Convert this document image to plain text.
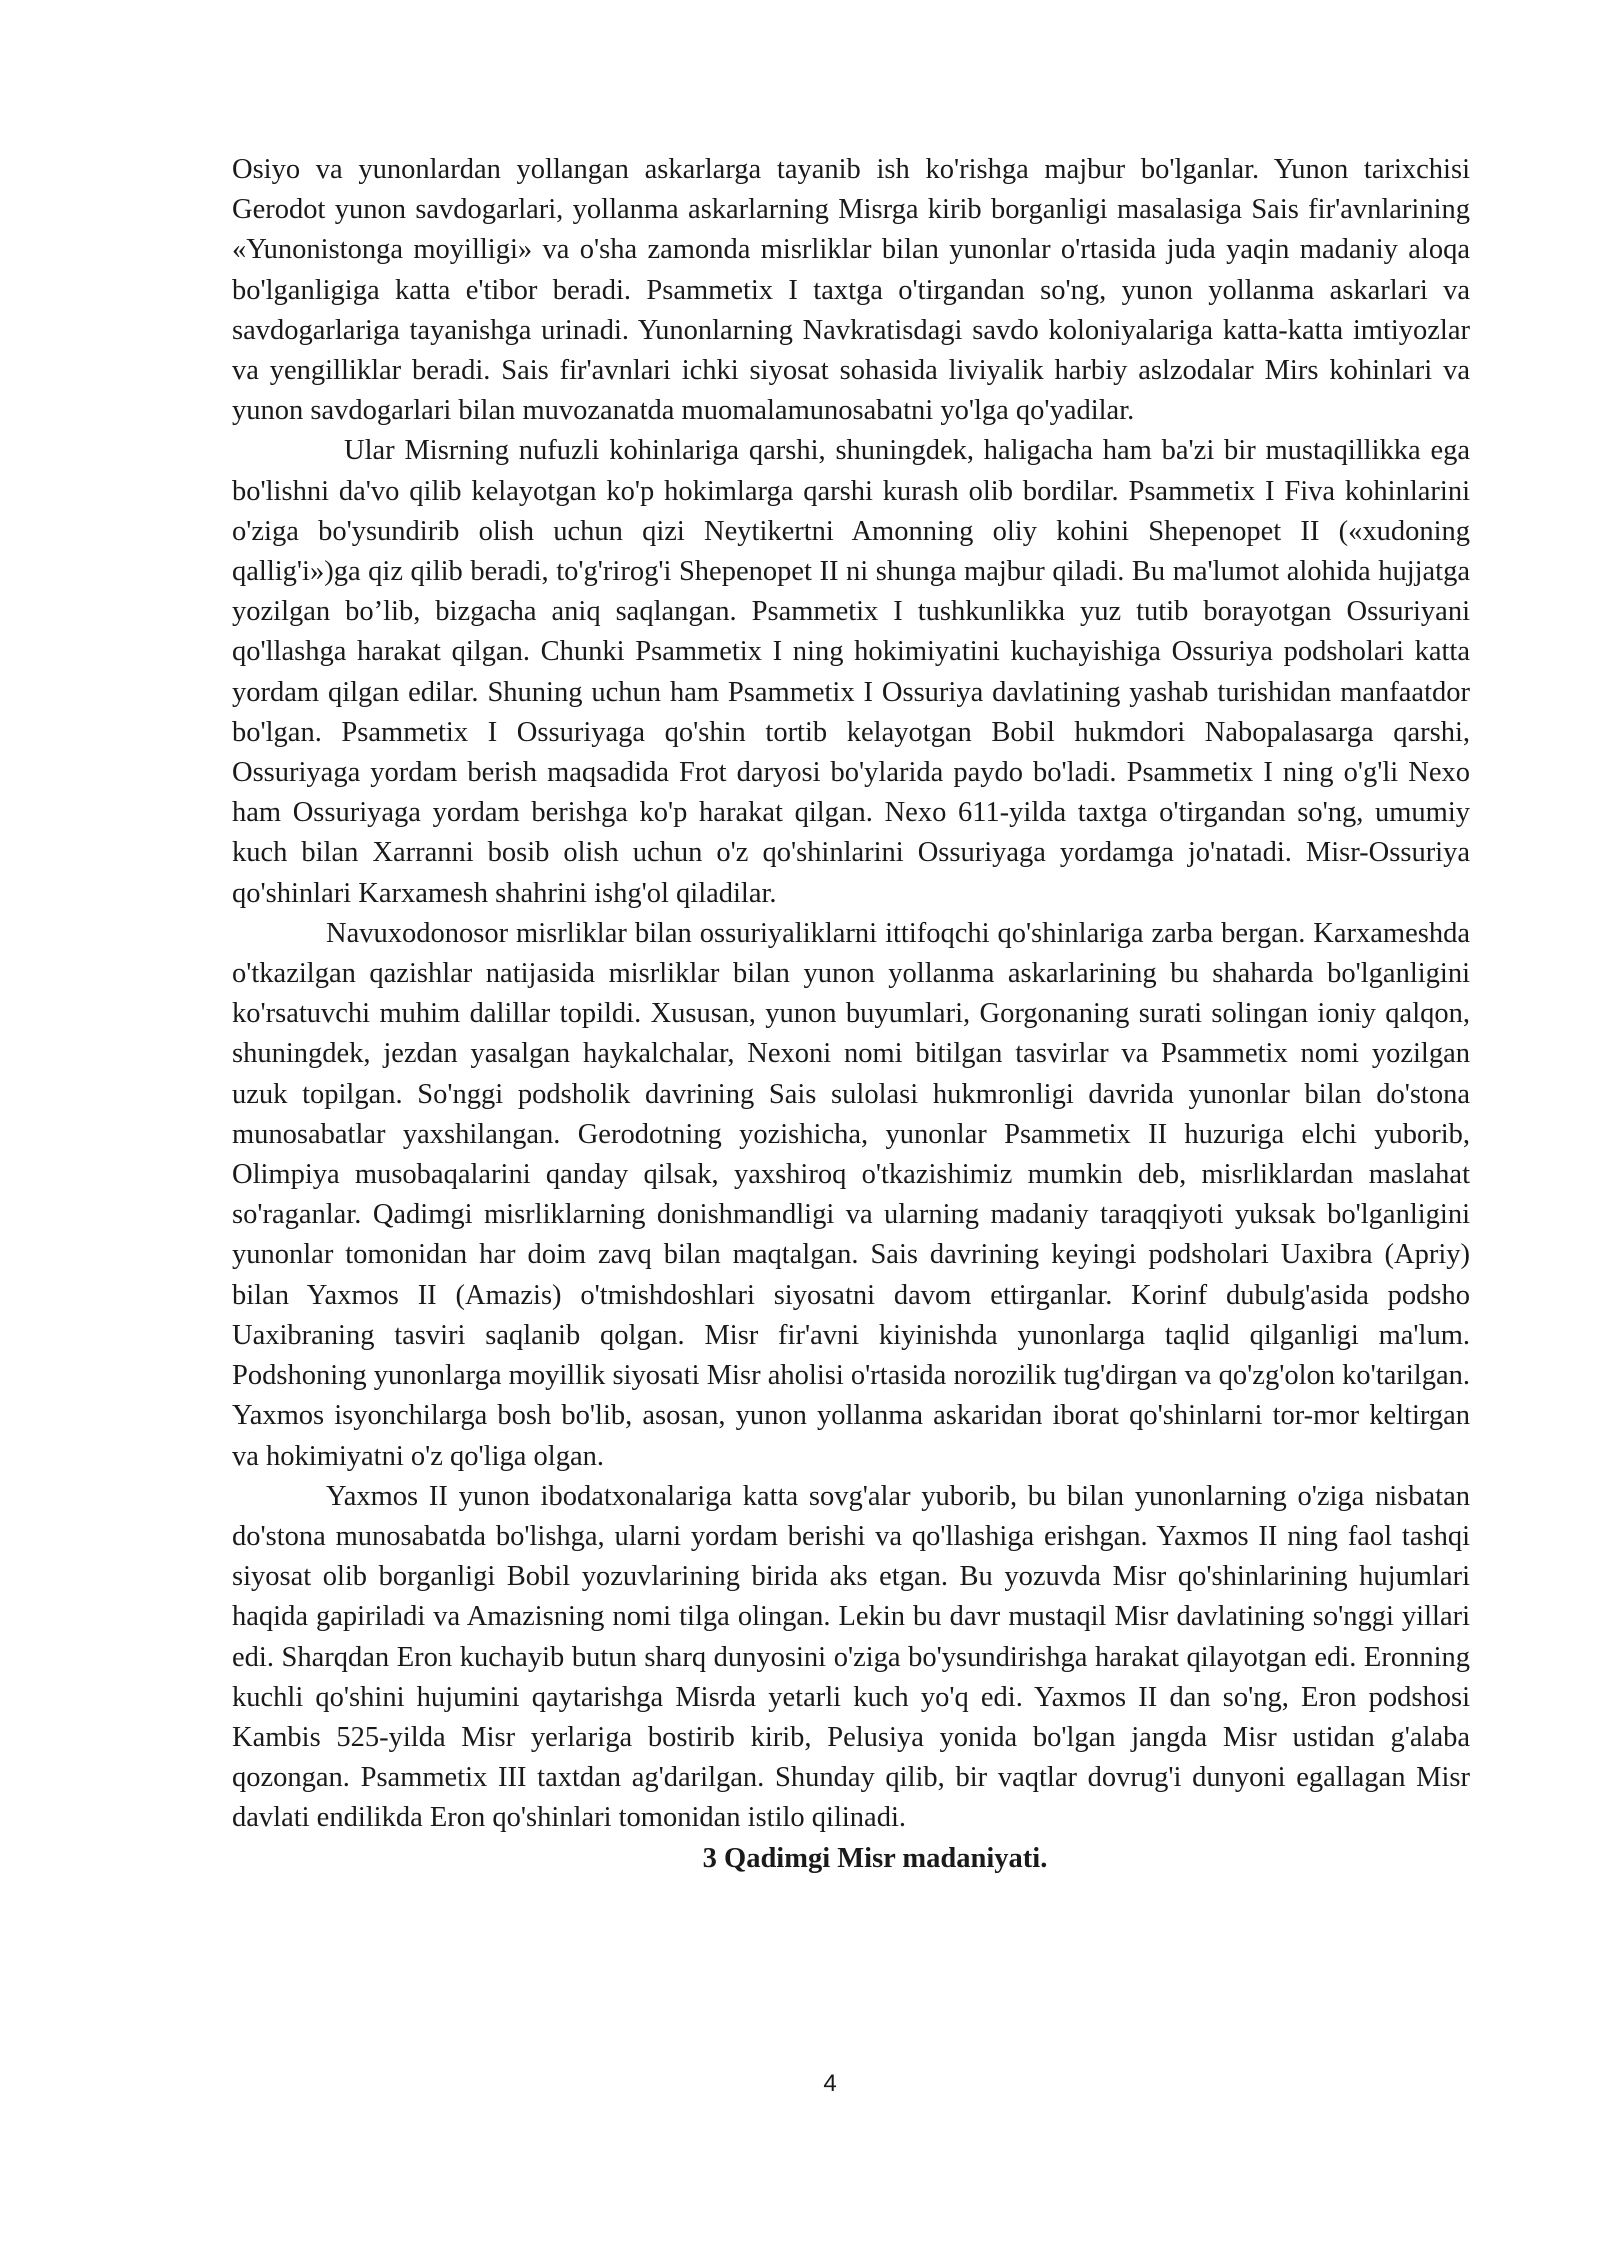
Osiyo va yunonlardan yollangan askarlarga tayanib ish ko'rishga majbur bo'lganlar. Yunon tarixchisi Gerodot yunon savdogarlari, yollanma askarlarning Misrga kirib borganligi masalasiga Sais fir'avnlarining «Yunonistonga moyilligi» va o'sha zamonda misrliklar bilan yunonlar o'rtasida juda yaqin madaniy aloqa bo'lganligiga katta e'tibor beradi. Psammetix I taxtga o'tirgandan so'ng, yunon yollanma askarlari va savdogarlariga tayanishga urinadi. Yunonlarning Navkratisdagi savdo koloniyalariga katta-katta imtiyozlar va yengilliklar beradi. Sais fir'avnlari ichki siyosat sohasida liviyalik harbiy aslzodalar Mirs kohinlari va yunon savdogarlari bilan muvozanatda muomalamunosabatni yo'lga qo'yadilar.

Ular Misrning nufuzli kohinlariga qarshi, shuningdek, haligacha ham ba'zi bir mustaqillikka ega bo'lishni da'vo qilib kelayotgan ko'p hokimlarga qarshi kurash olib bordilar. Psammetix I Fiva kohinlarini o'ziga bo'ysundirib olish uchun qizi Neytikertni Amonning oliy kohini Shepenopet II («xudoning qallig'i»)ga qiz qilib beradi, to'g'rirog'i Shepenopet II ni shunga majbur qiladi. Bu ma'lumot alohida hujjatga yozilgan bo’lib, bizgacha aniq saqlangan. Psammetix I tushkunlikka yuz tutib borayotgan Ossuriyani qo'llashga harakat qilgan. Chunki Psammetix I ning hokimiyatini kuchayishiga Ossuriya podsholari katta yordam qilgan edilar. Shuning uchun ham Psammetix I Ossuriya davlatining yashab turishidan manfaatdor bo'lgan. Psammetix I Ossuriyaga qo'shin tortib kelayotgan Bobil hukmdori Nabopalasarga qarshi, Ossuriyaga yordam berish maqsadida Frot daryosi bo'ylarida paydo bo'ladi. Psammetix I ning o'g'li Nexo ham Ossuriyaga yordam berishga ko'p harakat qilgan. Nexo 611-yilda taxtga o'tirgandan so'ng, umumiy kuch bilan Xarranni bosib olish uchun o'z qo'shinlarini Ossuriyaga yordamga jo'natadi. Misr-Ossuriya qo'shinlari Karxamesh shahrini ishg'ol qiladilar.

Navuxodonosor misrliklar bilan ossuriyaliklarni ittifoqchi qo'shinlariga zarba bergan. Karxameshda o'tkazilgan qazishlar natijasida misrliklar bilan yunon yollanma askarlarining bu shaharda bo'lganligini ko'rsatuvchi muhim dalillar topildi. Xususan, yunon buyumlari, Gorgonaning surati solingan ioniy qalqon, shuningdek, jezdan yasalgan haykalchalar, Nexoni nomi bitilgan tasvirlar va Psammetix nomi yozilgan uzuk topilgan. So'nggi podsholik davrining Sais sulolasi hukmronligi davrida yunonlar bilan do'stona munosabatlar yaxshilangan. Gerodotning yozishicha, yunonlar Psammetix II huzuriga elchi yuborib, Olimpiya musobaqalarini qanday qilsak, yaxshiroq o'tkazishimiz mumkin deb, misrliklardan maslahat so'raganlar. Qadimgi misrliklarning donishmandligi va ularning madaniy taraqqiyoti yuksak bo'lganligini yunonlar tomonidan har doim zavq bilan maqtalgan. Sais davrining keyingi podsholari Uaxibra (Apriy) bilan Yaxmos II (Amazis) o'tmishdoshlari siyosatni davom ettirganlar. Korinf dubulg'asida podsho Uaxibraning tasviri saqlanib qolgan. Misr fir'avni kiyinishda yunonlarga taqlid qilganligi ma'lum. Podshoning yunonlarga moyillik siyosati Misr aholisi o'rtasida norozilik tug'dirgan va qo'zg'olon ko'tarilgan. Yaxmos isyonchilarga bosh bo'lib, asosan, yunon yollanma askaridan iborat qo'shinlarni tor-mor keltirgan va hokimiyatni o'z qo'liga olgan.

Yaxmos II yunon ibodatxonalariga katta sovg'alar yuborib, bu bilan yunonlarning o'ziga nisbatan do'stona munosabatda bo'lishga, ularni yordam berishi va qo'llashiga erishgan. Yaxmos II ning faol tashqi siyosat olib borganligi Bobil yozuvlarining birida aks etgan. Bu yozuvda Misr qo'shinlarining hujumlari haqida gapiriladi va Amazisning nomi tilga olingan. Lekin bu davr mustaqil Misr davlatining so'nggi yillari edi. Sharqdan Eron kuchayib butun sharq dunyosini o'ziga bo'ysundirishga harakat qilayotgan edi. Eronning kuchli qo'shini hujumini qaytarishga Misrda yetarli kuch yo'q edi. Yaxmos II dan so'ng, Eron podshosi Kambis 525-yilda Misr yerlariga bostirib kirib, Pelusiya yonida bo'lgan jangda Misr ustidan g'alaba qozongan. Psammetix III taxtdan ag'darilgan. Shunday qilib, bir vaqtlar dovrug'i dunyoni egallagan Misr davlati endilikda Eron qo'shinlari tomonidan istilo qilinadi.

3 Qadimgi Misr madaniyati.

4
